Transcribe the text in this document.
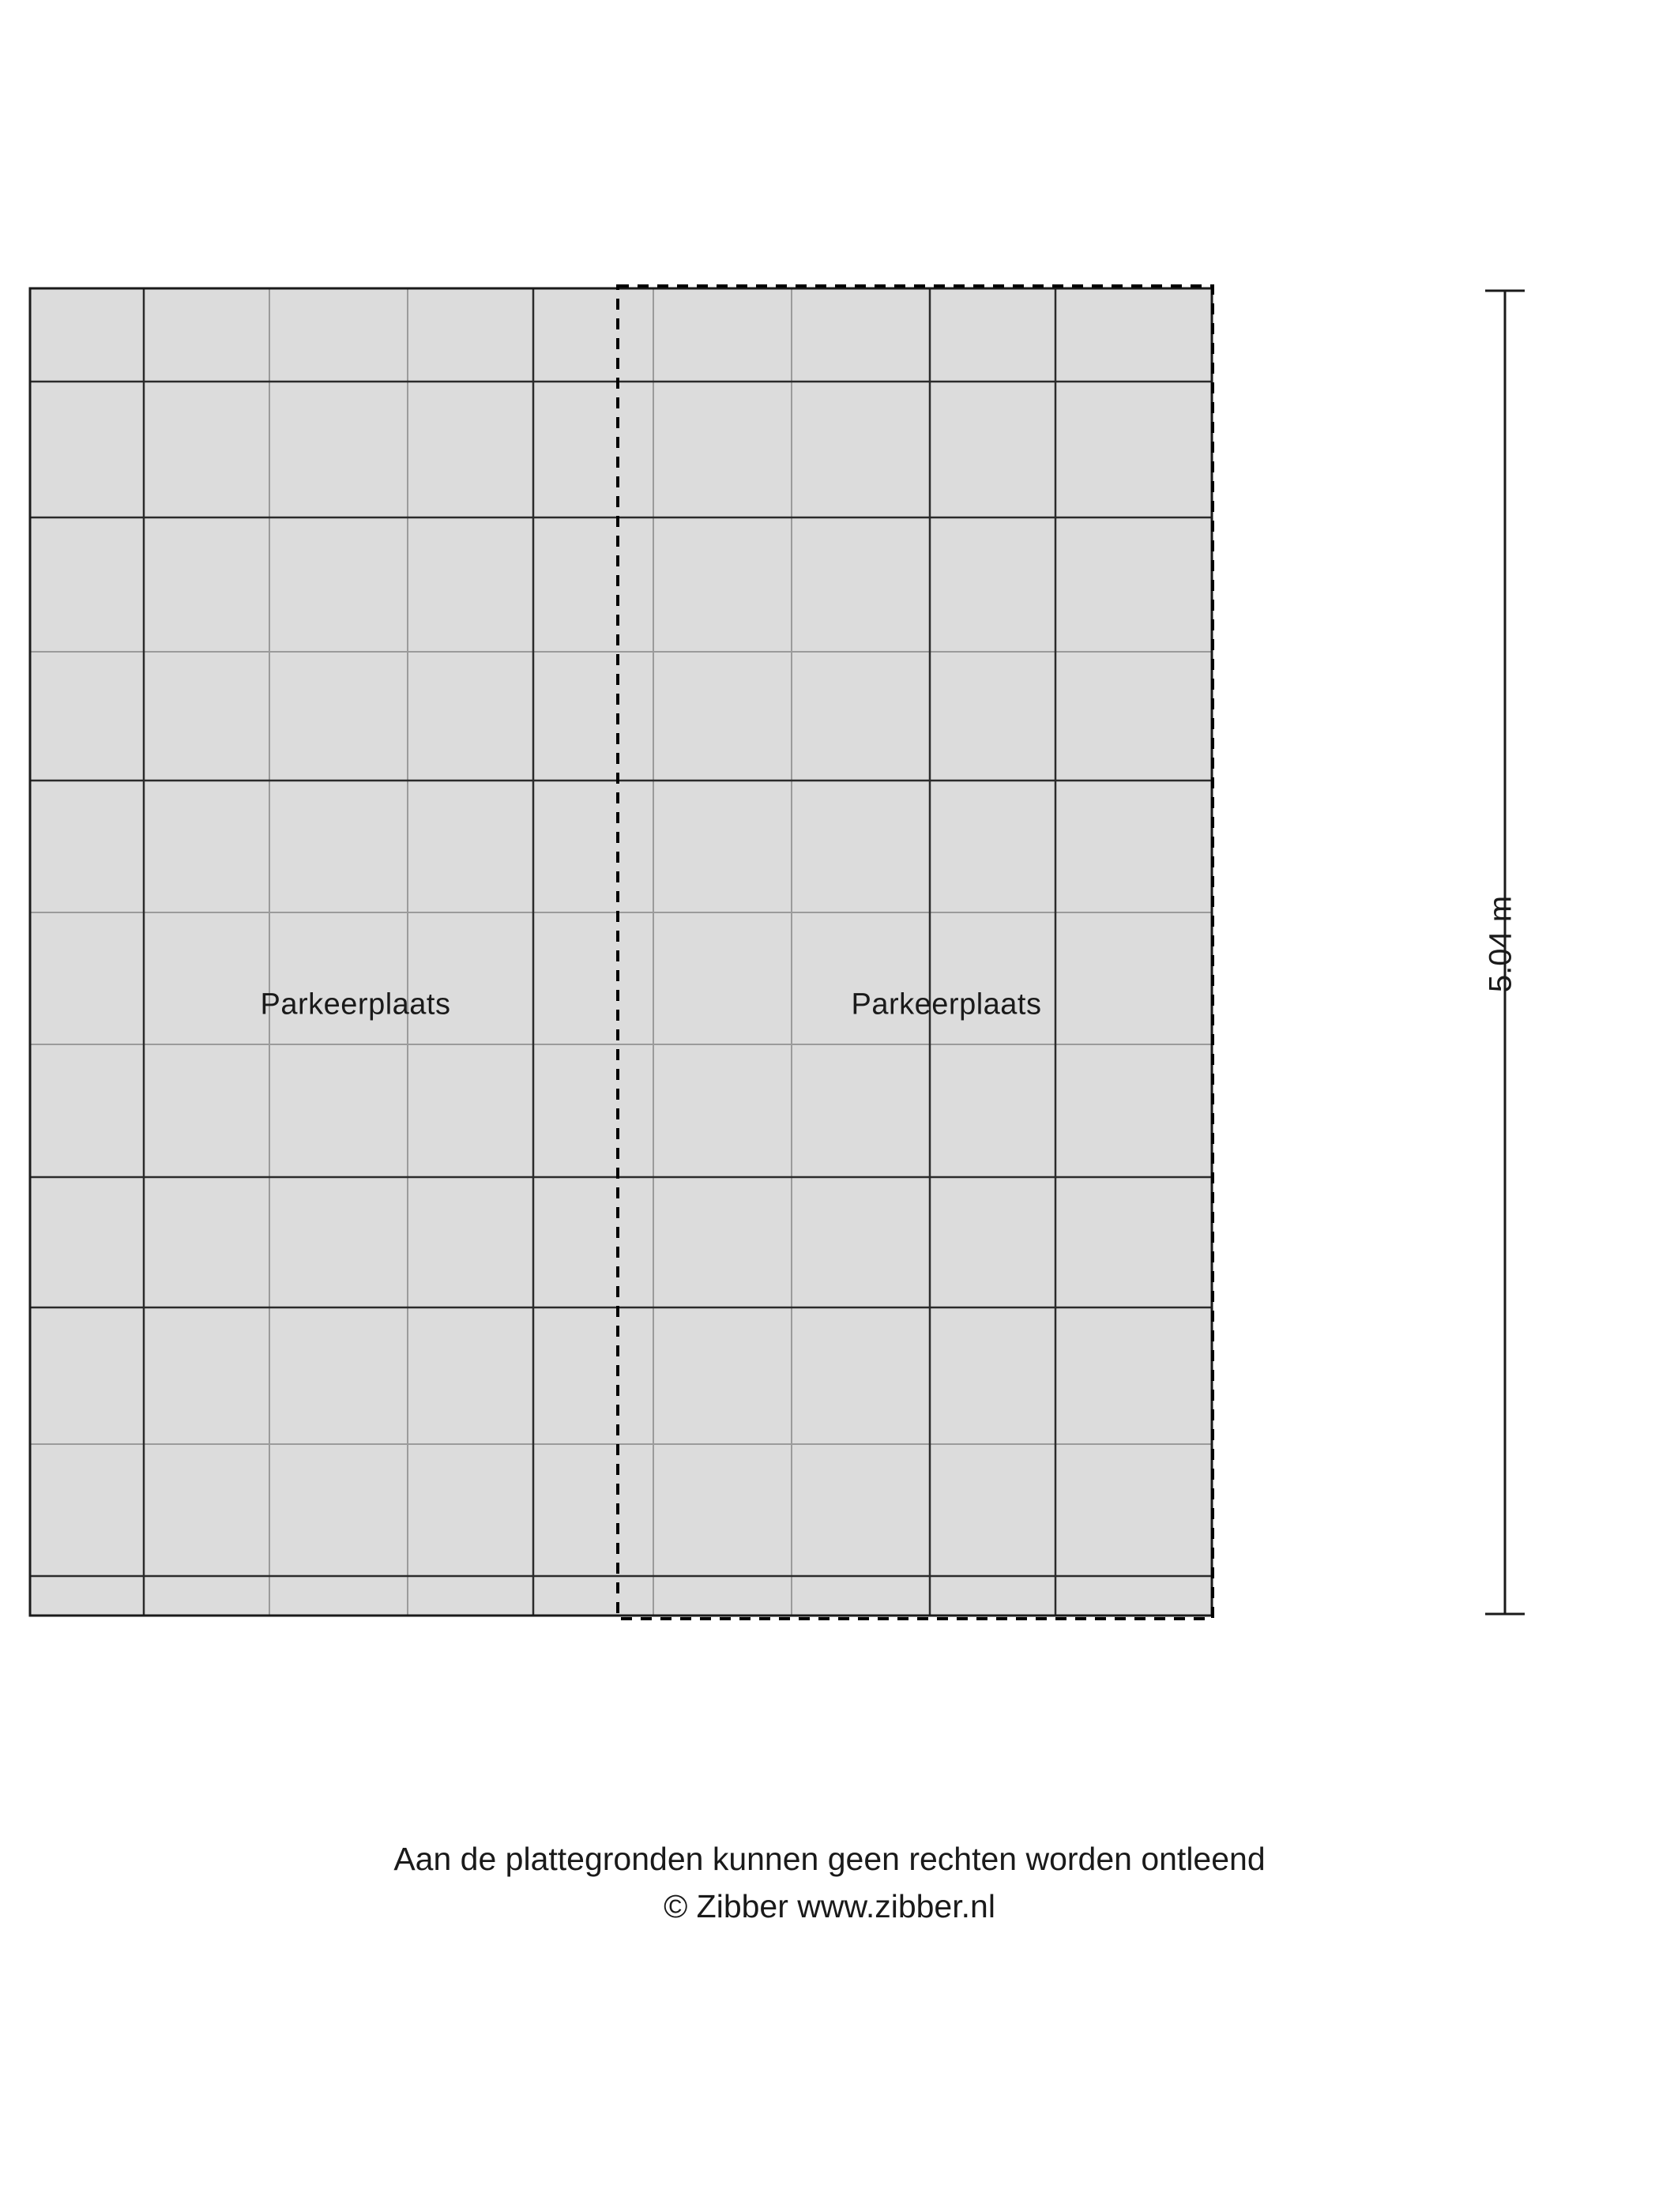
Parkeerplaats	Parkeerplaats
5.04 m
Aan de plattegronden kunnen geen rechten worden ontleend
© Zibber www.zibber.nl
